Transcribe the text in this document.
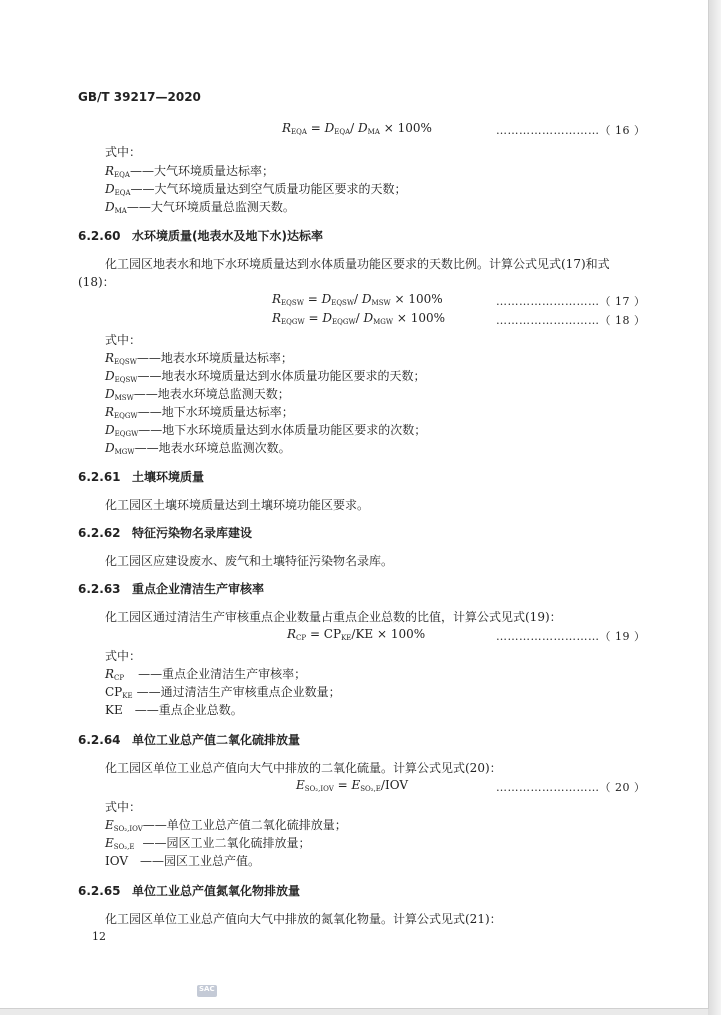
GB/T 39217—2020
$R_{EQA} = D_{EQA}/$ $D_{MA} \times 100\%$	………………………（ 16 ）
式中：
$R_{EQA}——$大气环境质量达标率；
$D_{EQA}——$大气环境质量达到空气质量功能区要求的天数；
$D_{MA}——$大气环境质量总监测天数。
6.2.60 水环境质量(地表水及地下水)达标率
化工园区地表水和地下水环境质量达到水体质量功能区要求的天数比例。计算公式见式(17)和式
(18)：
$R_{EQSW} = D_{EQSW}/$ $D_{MSW} \times 100\%$	………………………（ 17 ）
$R_{EQGW} = D_{EQGW}/$ $D_{MGW} \times 100\%$	………………………（ 18 ）
式中：
$R_{EQSW}——$地表水环境质量达标率；
$D_{EQSW}——$地表水环境质量达到水体质量功能区要求的天数；
$D_{MSW}——$地表水环境总监测天数；
$R_{EQGW}——$地下水环境质量达标率；
$D_{EQGW}——$地下水环境质量达到水体质量功能区要求的次数；
$D_{MGW}——$地表水环境总监测次数。
6.2.61 土壤环境质量
化工园区土壤环境质量达到土壤环境功能区要求。
6.2.62 特征污染物名录库建设
化工园区应建设废水、废气和土壤特征污染物名录库。
6.2.63 重点企业清洁生产审核率
化工园区通过清洁生产审核重点企业数量占重点企业总数的比值，计算公式见式(19)：
$R_{CP} = CP_{KE}/KE \times 100\%$	………………………（ 19 ）
式中：
$R_{CP}$ ——重点企业清洁生产审核率；
$CP_{KE}$ ——通过清洁生产审核重点企业数量；
KE ——重点企业总数。
6.2.64 单位工业总产值二氧化硫排放量
化工园区单位工业总产值向大气中排放的二氧化硫量。计算公式见式(20)：
$E_{SO_2,IOV} = E_{SO_2,E}/IOV$	………………………（ 20 ）
式中：
$E_{SO_2,IOV}——$单位工业总产值二氧化硫排放量；
$E_{SO_2,E}$ ——园区工业二氧化硫排放量；
IOV ——园区工业总产值。
6.2.65 单位工业总产值氮氧化物排放量
化工园区单位工业总产值向大气中排放的氮氧化物量。计算公式见式(21)：
12
SAC
